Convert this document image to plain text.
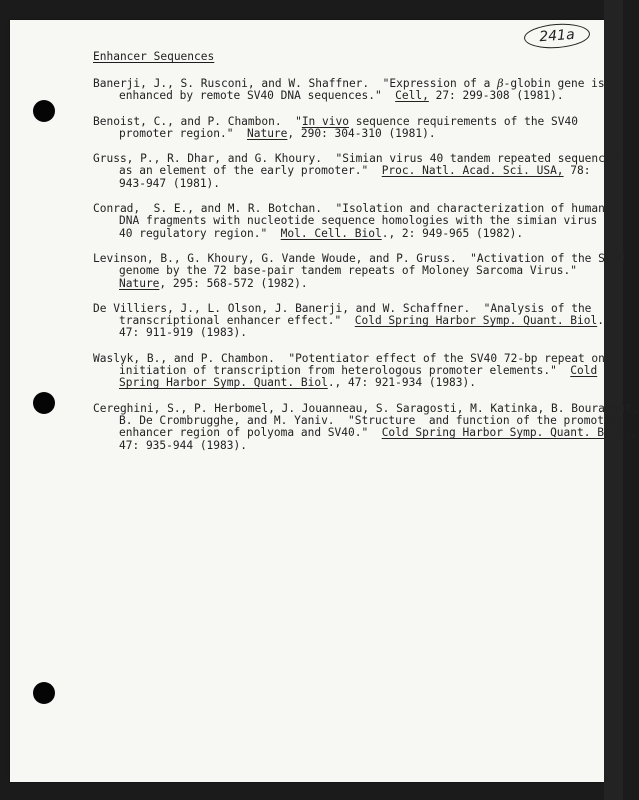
241a
Enhancer Sequences
Banerji, J., S. Rusconi, and W. Shaffner.  "Expression of a β-globin gene is
enhanced by remote SV40 DNA sequences."  Cell, 27: 299-308 (1981).
Benoist, C., and P. Chambon.  "In vivo sequence requirements of the SV40
promoter region."  Nature, 290: 304-310 (1981).
Gruss, P., R. Dhar, and G. Khoury.  "Simian virus 40 tandem repeated sequences
as an element of the early promoter."  Proc. Natl. Acad. Sci. USA, 78:
943-947 (1981).
Conrad,  S. E., and M. R. Botchan.  "Isolation and characterization of human
DNA fragments with nucleotide sequence homologies with the simian virus
40 regulatory region."  Mol. Cell. Biol., 2: 949-965 (1982).
Levinson, B., G. Khoury, G. Vande Woude, and P. Gruss.  "Activation of the SV40
genome by the 72 base-pair tandem repeats of Moloney Sarcoma Virus."
Nature, 295: 568-572 (1982).
De Villiers, J., L. Olson, J. Banerji, and W. Schaffner.  "Analysis of the
transcriptional enhancer effect."  Cold Spring Harbor Symp. Quant. Biol.,
47: 911-919 (1983).
Waslyk, B., and P. Chambon.  "Potentiator effect of the SV40 72-bp repeat on
initiation of transcription from heterologous promoter elements."  Cold
Spring Harbor Symp. Quant. Biol., 47: 921-934 (1983).
Cereghini, S., P. Herbomel, J. Jouanneau, S. Saragosti, M. Katinka, B. Bourachot,
B. De Crombrugghe, and M. Yaniv.  "Structure  and function of the promoter-
enhancer region of polyoma and SV40."  Cold Spring Harbor Symp. Quant. Biol.,
47: 935-944 (1983).
